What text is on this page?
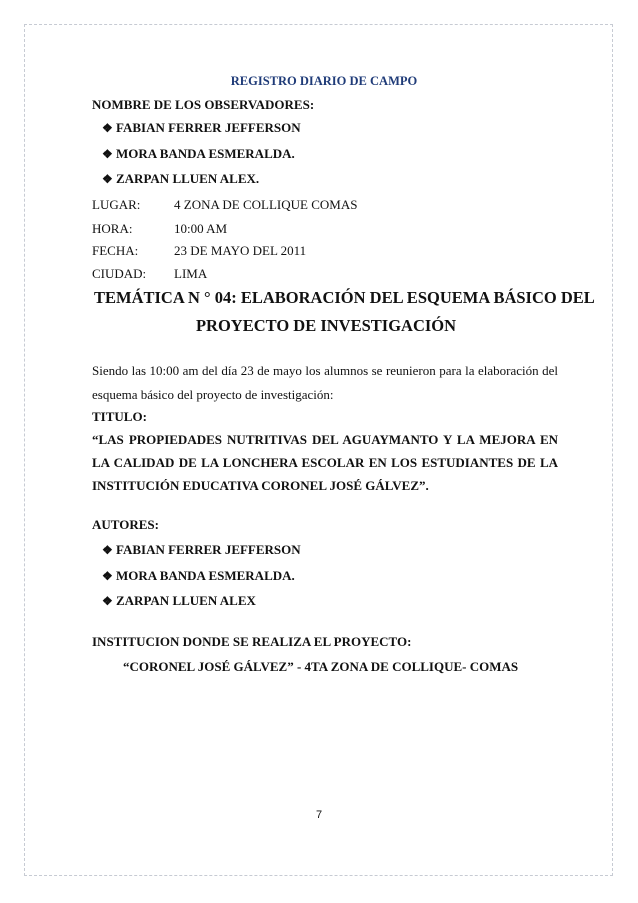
REGISTRO DIARIO DE CAMPO
NOMBRE DE LOS OBSERVADORES:
❖ FABIAN FERRER JEFFERSON
❖ MORA BANDA ESMERALDA.
❖ ZARPAN LLUEN ALEX.
LUGAR:	4 ZONA DE COLLIQUE COMAS
HORA:	10:00 AM
FECHA:	23 DE MAYO DEL 2011
CIUDAD: LIMA
TEMÁTICA N ° 04: ELABORACIÓN DEL ESQUEMA BÁSICO DEL
PROYECTO DE INVESTIGACIÓN
Siendo las 10:00 am del día 23 de mayo los alumnos se reunieron para la elaboración del
esquema básico del proyecto de investigación:
TITULO:
“LAS PROPIEDADES NUTRITIVAS DEL AGUAYMANTO Y LA MEJORA EN
LA CALIDAD DE LA LONCHERA ESCOLAR EN LOS ESTUDIANTES DE LA
INSTITUCIÓN EDUCATIVA CORONEL JOSÉ GÁLVEZ”.
AUTORES:
❖ FABIAN FERRER JEFFERSON
❖ MORA BANDA ESMERALDA.
❖ ZARPAN LLUEN ALEX
INSTITUCION DONDE SE REALIZA EL PROYECTO:
“CORONEL JOSÉ GÁLVEZ” - 4TA ZONA DE COLLIQUE- COMAS
7
